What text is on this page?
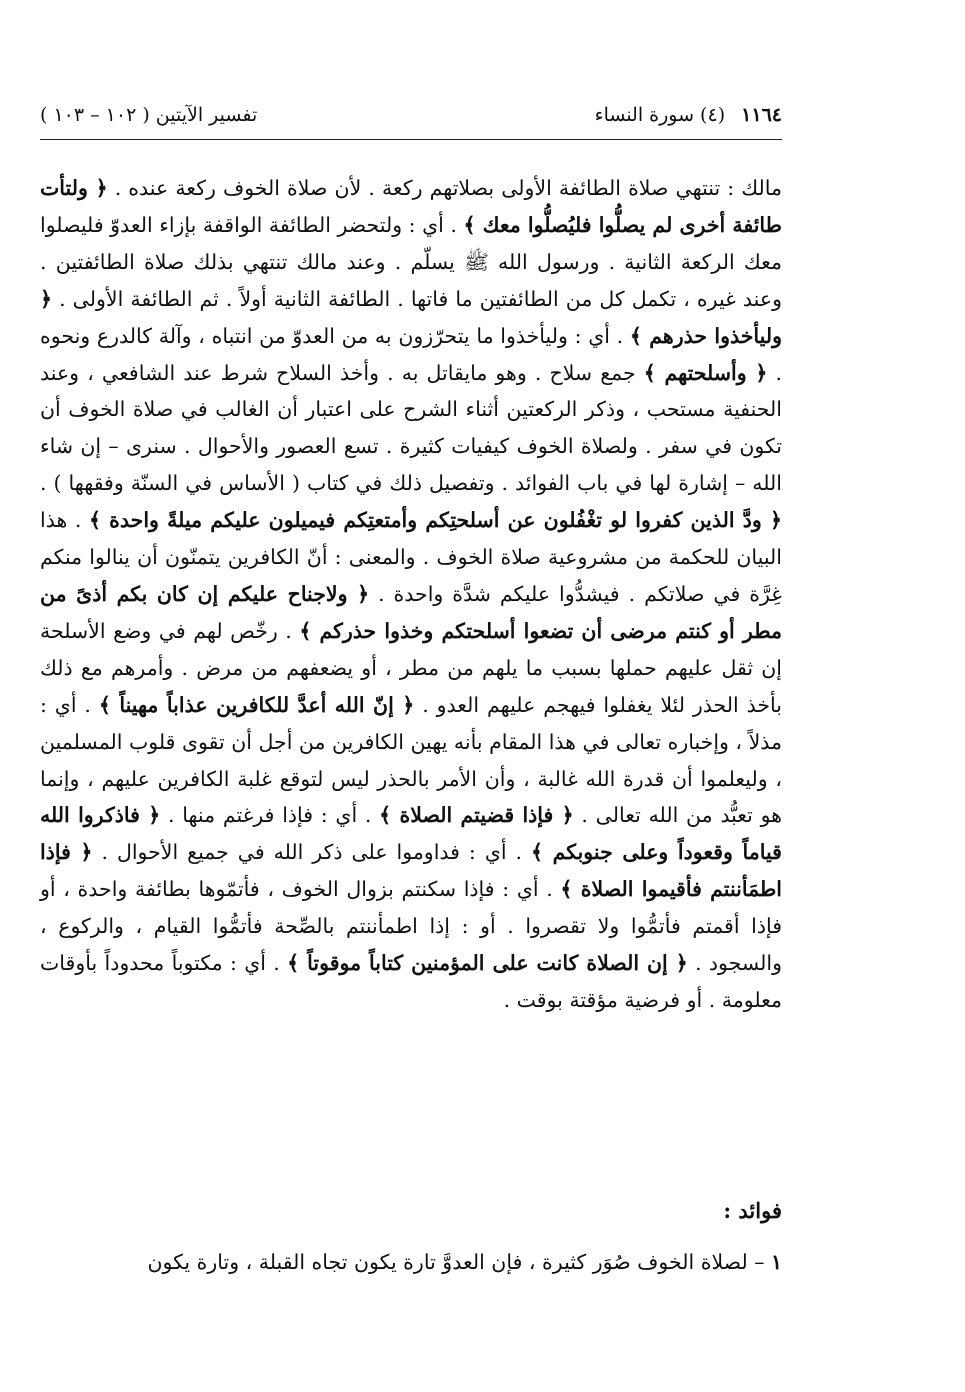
١١٦٤ (٤) سورة النساء
تفسير الآيتين ( ١٠٢ – ١٠٣ )

مالك : تنتهي صلاة الطائفة الأولى بصلاتهم ركعة . لأن صلاة الخوف ركعة عنده . ﴿ ولتأت طائفة أخرى لم يصلُّوا فليُصلُّوا معك ﴾ . أي : ولتحضر الطائفة الواقفة بإزاء العدوّ فليصلوا معك الركعة الثانية . ورسول الله ﷺ يسلّم . وعند مالك تنتهي بذلك صلاة الطائفتين . وعند غيره ، تكمل كل من الطائفتين ما فاتها . الطائفة الثانية أولاً . ثم الطائفة الأولى . ﴿ وليأخذوا حذرهم ﴾ . أي : وليأخذوا ما يتحرّزون به من العدوّ من انتباه ، وآلة كالدرع ونحوه . ﴿ وأسلحتهم ﴾ جمع سلاح . وهو مايقاتل به . وأخذ السلاح شرط عند الشافعي ، وعند الحنفية مستحب ، وذكر الركعتين أثناء الشرح على اعتبار أن الغالب في صلاة الخوف أن تكون في سفر . ولصلاة الخوف كيفيات كثيرة . تسع العصور والأحوال . سنرى – إن شاء الله – إشارة لها في باب الفوائد . وتفصيل ذلك في كتاب ( الأساس في السنّة وفقهها ) . ﴿ ودَّ الذين كفروا لو تغْفُلون عن أسلحتِكم وأمتعتِكم فيميلون عليكم ميلةً واحدة ﴾ . هذا البيان للحكمة من مشروعية صلاة الخوف . والمعنى : أنّ الكافرين يتمنّون أن ينالوا منكم غِرَّة في صلاتكم . فيشدُّوا عليكم شدَّة واحدة . ﴿ ولاجناح عليكم إن كان بكم أذىً من مطر أو كنتم مرضى أن تضعوا أسلحتكم وخذوا حذركم ﴾ . رخّص لهم في وضع الأسلحة إن ثقل عليهم حملها بسبب ما يلهم من مطر ، أو يضعفهم من مرض . وأمرهم مع ذلك بأخذ الحذر لئلا يغفلوا فيهجم عليهم العدو . ﴿ إنّ الله أعدَّ للكافرين عذاباً مهيناً ﴾ . أي : مذلاً ، وإخباره تعالى في هذا المقام بأنه يهين الكافرين من أجل أن تقوى قلوب المسلمين ، وليعلموا أن قدرة الله غالبة ، وأن الأمر بالحذر ليس لتوقع غلبة الكافرين عليهم ، وإنما هو تعبُّد من الله تعالى . ﴿ فإذا قضيتم الصلاة ﴾ . أي : فإذا فرغتم منها . ﴿ فاذكروا الله قياماً وقعوداً وعلى جنوبكم ﴾ . أي : فداوموا على ذكر الله في جميع الأحوال . ﴿ فإذا اطمَأننتم فأقيموا الصلاة ﴾ . أي : فإذا سكنتم بزوال الخوف ، فأتمّوها بطائفة واحدة ، أو فإذا أقمتم فأتمُّوا ولا تقصروا . أو : إذا اطمأننتم بالصِّحة فأتمُّوا القيام ، والركوع ، والسجود . ﴿ إن الصلاة كانت على المؤمنين كتاباً موقوتاً ﴾ . أي : مكتوباً محدوداً بأوقات معلومة . أو فرضية مؤقتة بوقت .

فوائد :
١ – لصلاة الخوف صُوَر كثيرة ، فإن العدوَّ تارة يكون تجاه القبلة ، وتارة يكون
